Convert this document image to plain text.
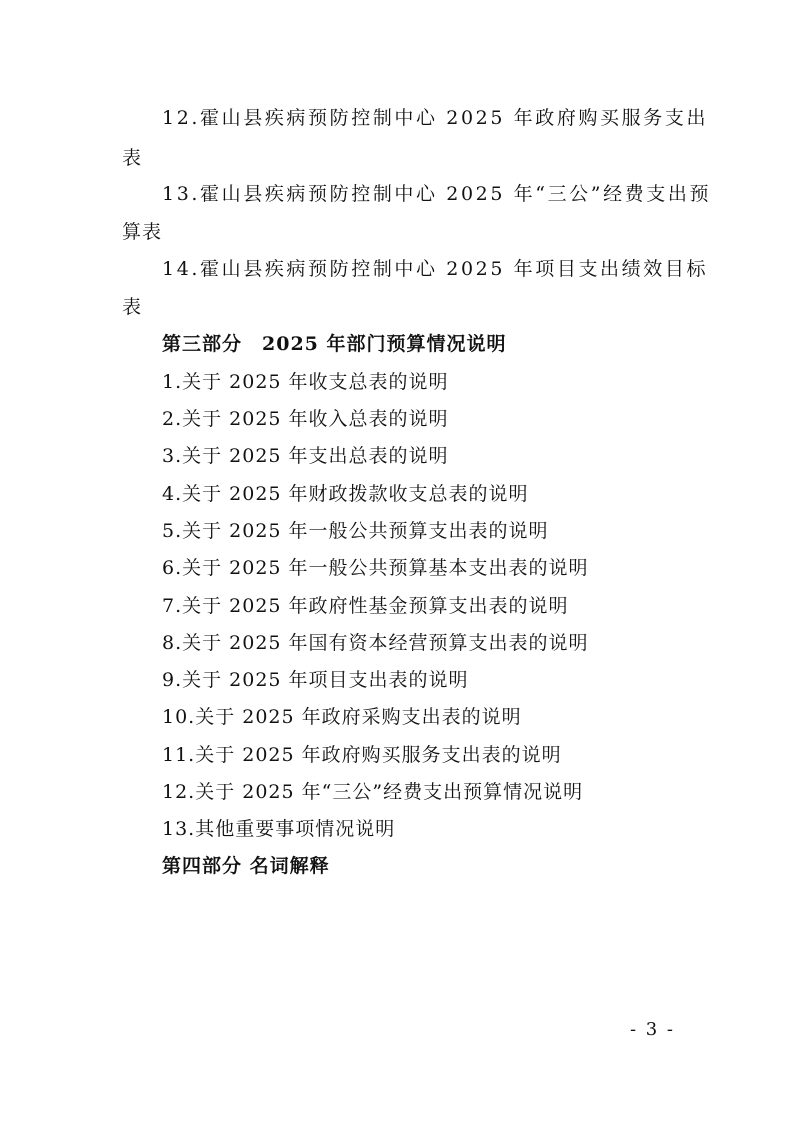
12.霍山县疾病预防控制中心 2025 年政府购买服务支出
表
13.霍山县疾病预防控制中心 2025 年“三公”经费支出预
算表
14.霍山县疾病预防控制中心 2025 年项目支出绩效目标
表
第三部分　2025 年部门预算情况说明
1.关于 2025 年收支总表的说明
2.关于 2025 年收入总表的说明
3.关于 2025 年支出总表的说明
4.关于 2025 年财政拨款收支总表的说明
5.关于 2025 年一般公共预算支出表的说明
6.关于 2025 年一般公共预算基本支出表的说明
7.关于 2025 年政府性基金预算支出表的说明
8.关于 2025 年国有资本经营预算支出表的说明
9.关于 2025 年项目支出表的说明
10.关于 2025 年政府采购支出表的说明
11.关于 2025 年政府购买服务支出表的说明
12.关于 2025 年“三公”经费支出预算情况说明
13.其他重要事项情况说明
第四部分 名词解释
- 3 -
